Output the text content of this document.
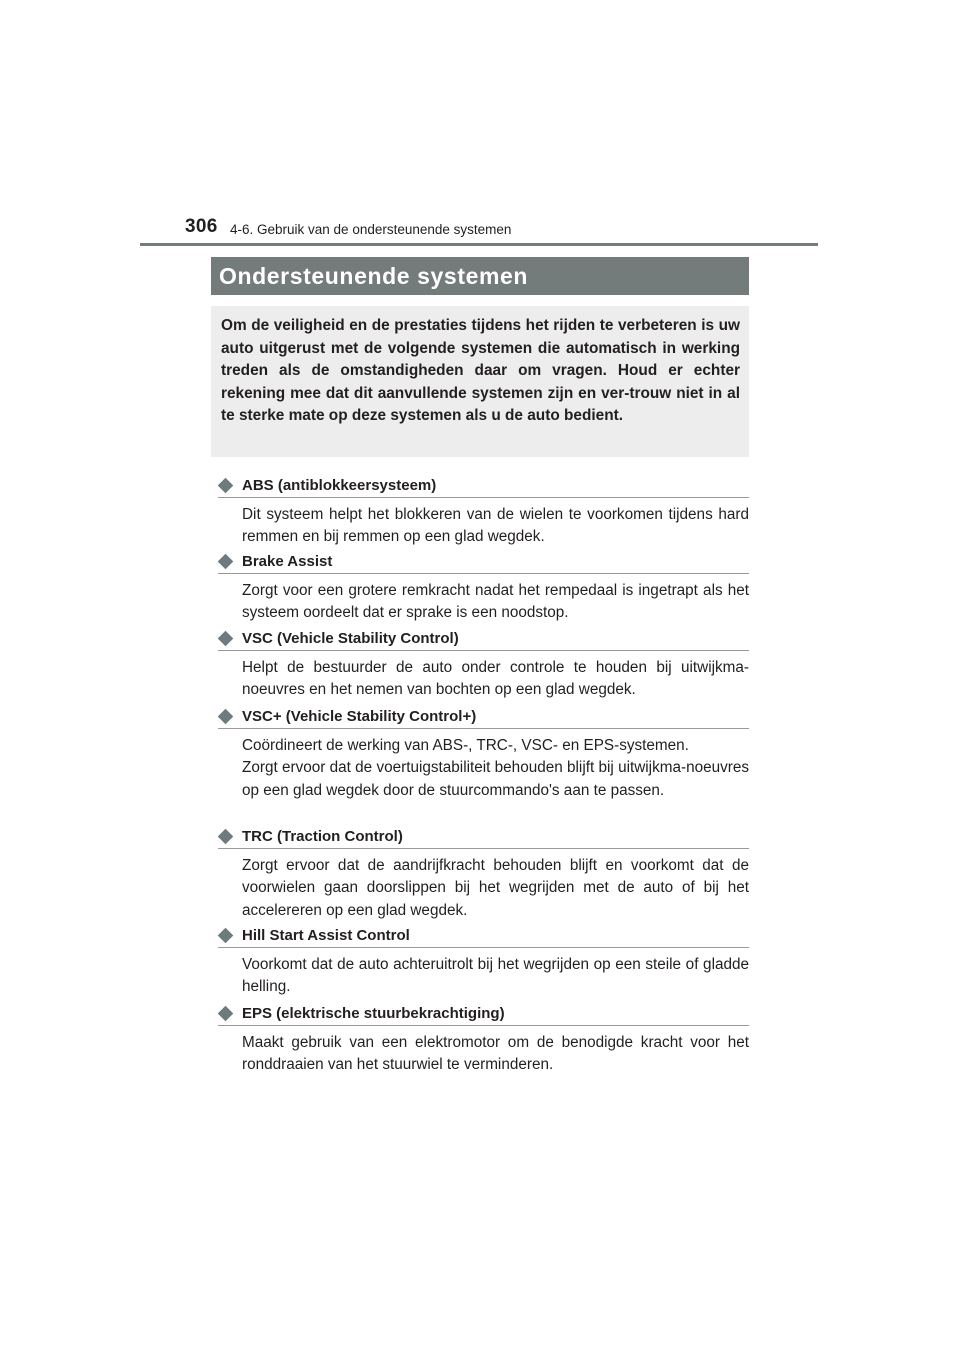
306 4-6. Gebruik van de ondersteunende systemen
Ondersteunende systemen

Om de veiligheid en de prestaties tijdens het rijden te verbeteren is uw auto uitgerust met de volgende systemen die automatisch in werking treden als de omstandigheden daar om vragen. Houd er echter rekening mee dat dit aanvullende systemen zijn en ver-trouw niet in al te sterke mate op deze systemen als u de auto bedient.

ABS (antiblokkeersysteem)

Dit systeem helpt het blokkeren van de wielen te voorkomen tijdens hard remmen en bij remmen op een glad wegdek.

Brake Assist

Zorgt voor een grotere remkracht nadat het rempedaal is ingetrapt als het systeem oordeelt dat er sprake is een noodstop.

VSC (Vehicle Stability Control)

Helpt de bestuurder de auto onder controle te houden bij uitwijkma-noeuvres en het nemen van bochten op een glad wegdek.

VSC+ (Vehicle Stability Control+)

Coördineert de werking van ABS-, TRC-, VSC- en EPS-systemen.

Zorgt ervoor dat de voertuigstabiliteit behouden blijft bij uitwijkma-noeuvres op een glad wegdek door de stuurcommando's aan te passen.

TRC (Traction Control)

Zorgt ervoor dat de aandrijfkracht behouden blijft en voorkomt dat de voorwielen gaan doorslippen bij het wegrijden met de auto of bij het accelereren op een glad wegdek.

Hill Start Assist Control

Voorkomt dat de auto achteruitrolt bij het wegrijden op een steile of gladde helling.

EPS (elektrische stuurbekrachtiging)

Maakt gebruik van een elektromotor om de benodigde kracht voor het ronddraaien van het stuurwiel te verminderen.
